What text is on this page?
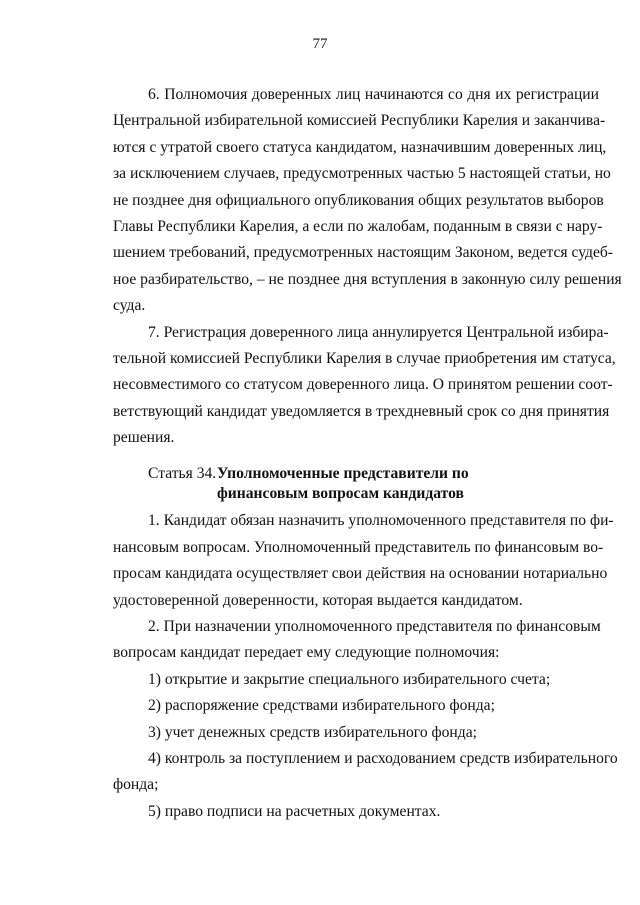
77
6. Полномочия доверенных лиц начинаются со дня их регистрации
Центральной избирательной комиссией Республики Карелия и заканчива-
ются с утратой своего статуса кандидатом, назначившим доверенных лиц,
за исключением случаев, предусмотренных частью 5 настоящей статьи, но
не позднее дня официального опубликования общих результатов выборов
Главы Республики Карелия, а если по жалобам, поданным в связи с нару-
шением требований, предусмотренных настоящим Законом, ведется судеб-
ное разбирательство, – не позднее дня вступления в законную силу решения
суда.
7. Регистрация доверенного лица аннулируется Центральной избира-
тельной комиссией Республики Карелия в случае приобретения им статуса,
несовместимого со статусом доверенного лица. О принятом решении соот-
ветствующий кандидат уведомляется в трехдневный срок со дня принятия
решения.
Статья 34. Уполномоченные представители по
финансовым вопросам кандидатов
1. Кандидат обязан назначить уполномоченного представителя по фи-
нансовым вопросам. Уполномоченный представитель по финансовым во-
просам кандидата осуществляет свои действия на основании нотариально
удостоверенной доверенности, которая выдается кандидатом.
2. При назначении уполномоченного представителя по финансовым
вопросам кандидат передает ему следующие полномочия:
1) открытие и закрытие специального избирательного счета;
2) распоряжение средствами избирательного фонда;
3) учет денежных средств избирательного фонда;
4) контроль за поступлением и расходованием средств избирательного
фонда;
5) право подписи на расчетных документах.
